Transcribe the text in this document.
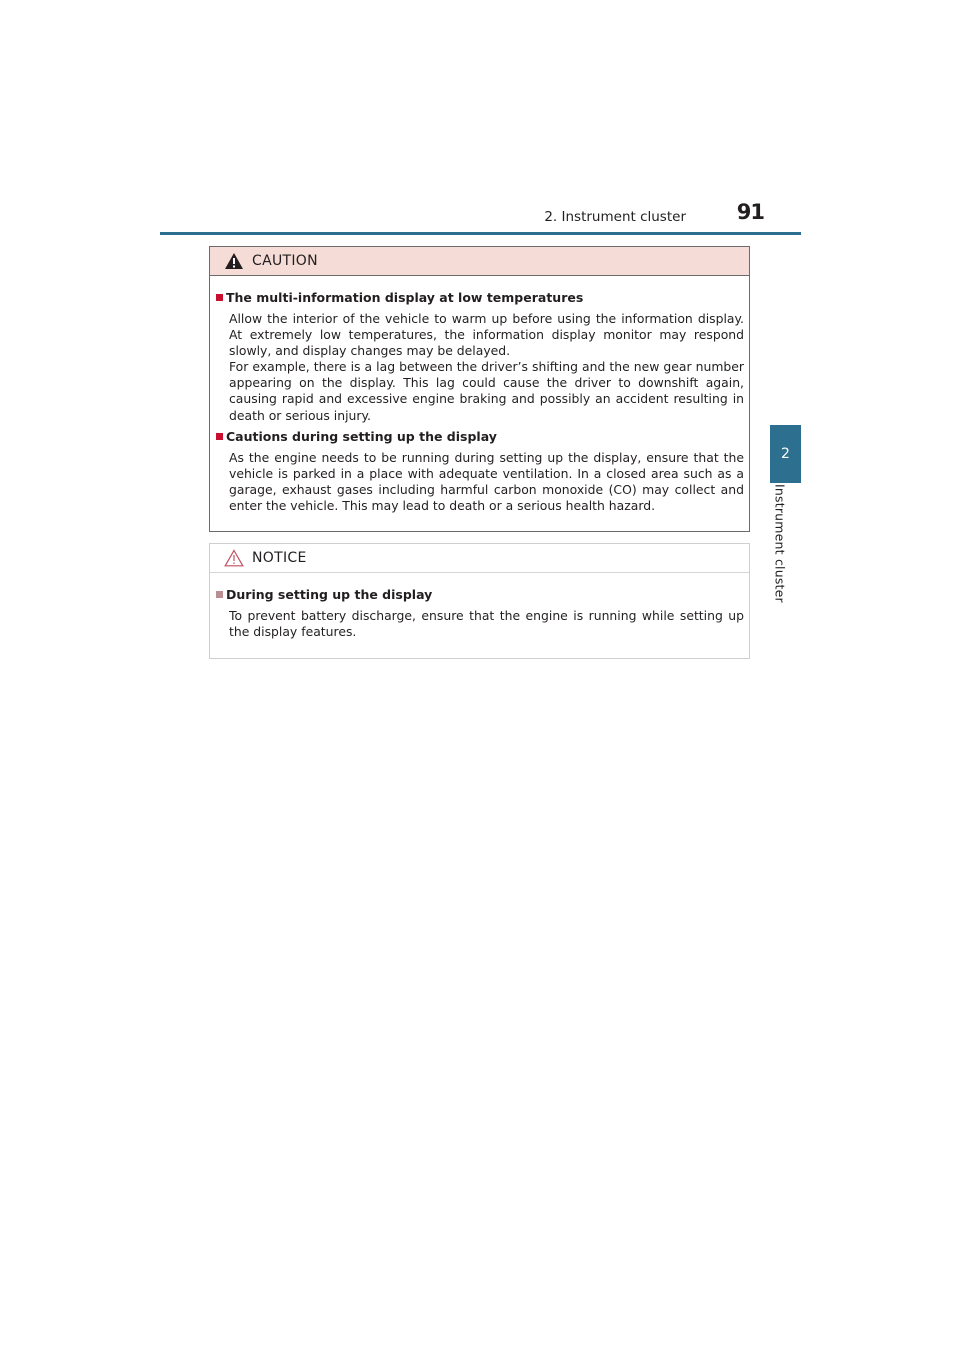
2. Instrument cluster 91
2
Instrument cluster
CAUTION
The multi-information display at low temperatures

Allow the interior of the vehicle to warm up before using the information display. At extremely low temperatures, the information display monitor may respond slowly, and display changes may be delayed.

For example, there is a lag between the driver’s shifting and the new gear number appearing on the display. This lag could cause the driver to downshift again, causing rapid and excessive engine braking and possibly an accident resulting in death or serious injury.

Cautions during setting up the display

As the engine needs to be running during setting up the display, ensure that the vehicle is parked in a place with adequate ventilation. In a closed area such as a garage, exhaust gases including harmful carbon monoxide (CO) may collect and enter the vehicle. This may lead to death or a serious health hazard.

NOTICE
During setting up the display

To prevent battery discharge, ensure that the engine is running while setting up the display features.
